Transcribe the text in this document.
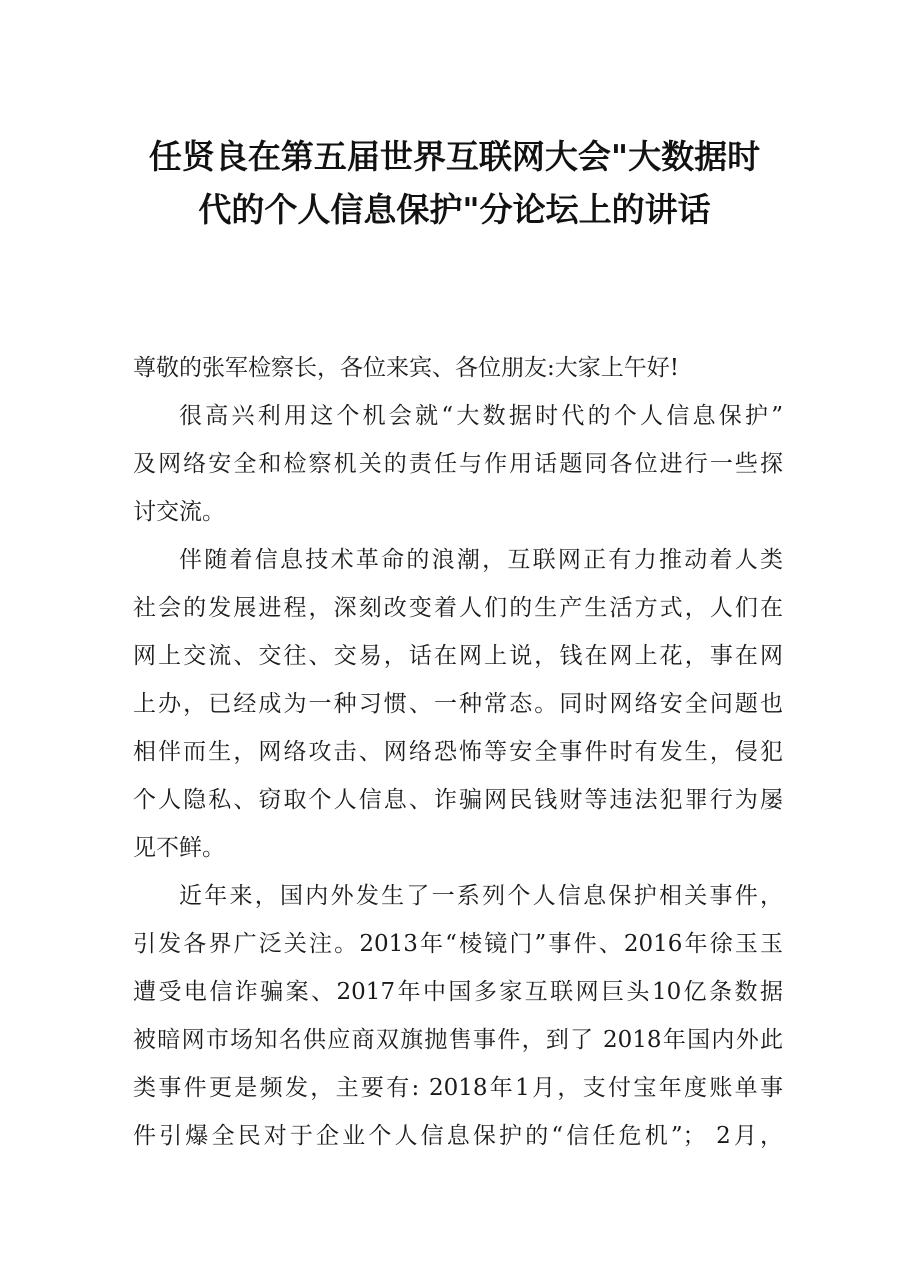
任贤良在第五届世界互联网大会"大数据时
代的个人信息保护"分论坛上的讲话
尊敬的张军检察长，各位来宾、各位朋友:大家上午好!
很高兴利用这个机会就“大数据时代的个人信息保护”
及网络安全和检察机关的责任与作用话题同各位进行一些探
讨交流。
伴随着信息技术革命的浪潮，互联网正有力推动着人类
社会的发展进程，深刻改变着人们的生产生活方式，人们在
网上交流、交往、交易，话在网上说，钱在网上花，事在网
上办，已经成为一种习惯、一种常态。同时网络安全问题也
相伴而生，网络攻击、网络恐怖等安全事件时有发生，侵犯
个人隐私、窃取个人信息、诈骗网民钱财等违法犯罪行为屡
见不鲜。
近年来，国内外发生了一系列个人信息保护相关事件，
引发各界广泛关注。2013年“棱镜门”事件、2016年徐玉玉
遭受电信诈骗案、2017年中国多家互联网巨头10亿条数据
被暗网市场知名供应商双旗抛售事件，到了 2018年国内外此
类事件更是频发，主要有: 2018年1月，支付宝年度账单事
件引爆全民对于企业个人信息保护的“信任危机”； 2月，
